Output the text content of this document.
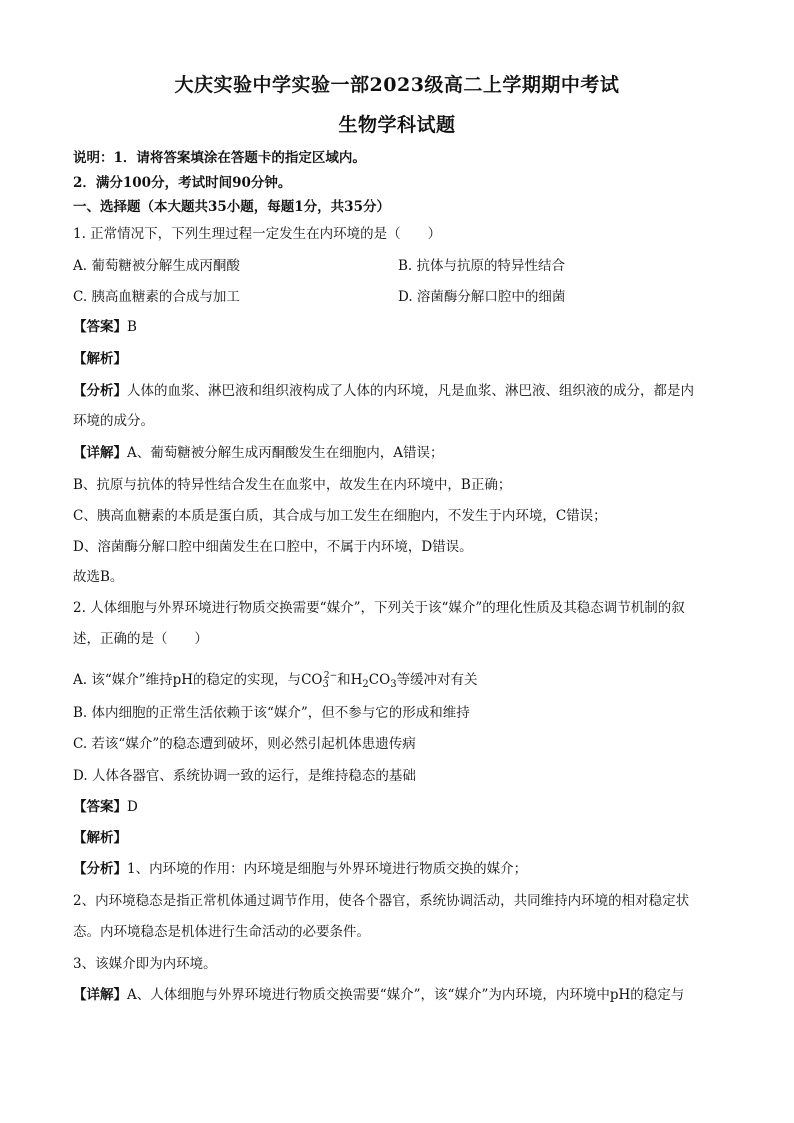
大庆实验中学实验一部2023级高二上学期期中考试
生物学科试题
说明：1．请将答案填涂在答题卡的指定区域内。
2．满分100分，考试时间90分钟。
一、选择题（本大题共35小题，每题1分，共35分）
1. 正常情况下，下列生理过程一定发生在内环境的是（　　）
A. 葡萄糖被分解生成丙酮酸	B. 抗体与抗原的特异性结合
C. 胰高血糖素的合成与加工	D. 溶菌酶分解口腔中的细菌
【答案】B
【解析】
【分析】人体的血浆、淋巴液和组织液构成了人体的内环境，凡是血浆、淋巴液、组织液的成分，都是内
环境的成分。
【详解】A、葡萄糖被分解生成丙酮酸发生在细胞内，A错误；
B、抗原与抗体的特异性结合发生在血浆中，故发生在内环境中，B正确；
C、胰高血糖素的本质是蛋白质，其合成与加工发生在细胞内，不发生于内环境，C错误；
D、溶菌酶分解口腔中细菌发生在口腔中，不属于内环境，D错误。
故选B。
2. 人体细胞与外界环境进行物质交换需要“媒介”，下列关于该“媒介”的理化性质及其稳态调节机制的叙
述，正确的是（　　）
A. 该“媒介”维持pH的稳定的实现，与$CO_3^{2-}$和$H_2CO_3$等缓冲对有关
B. 体内细胞的正常生活依赖于该“媒介”，但不参与它的形成和维持
C. 若该“媒介”的稳态遭到破坏，则必然引起机体患遗传病
D. 人体各器官、系统协调一致的运行，是维持稳态的基础
【答案】D
【解析】
【分析】1、内环境的作用：内环境是细胞与外界环境进行物质交换的媒介；
2、内环境稳态是指正常机体通过调节作用，使各个器官，系统协调活动，共同维持内环境的相对稳定状
态。内环境稳态是机体进行生命活动的必要条件。
3、该媒介即为内环境。
【详解】A、人体细胞与外界环境进行物质交换需要“媒介”，该“媒介”为内环境，内环境中pH的稳定与
